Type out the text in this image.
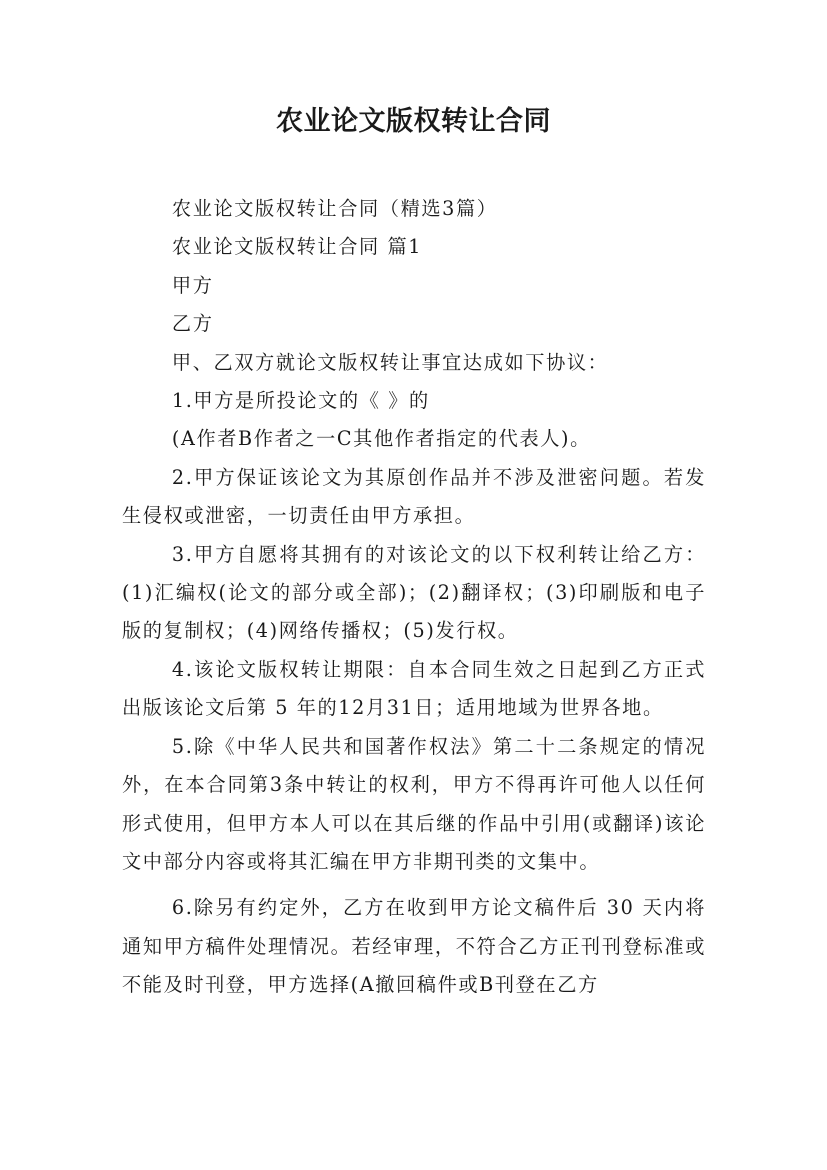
农业论文版权转让合同

农业论文版权转让合同（精选3篇）

农业论文版权转让合同 篇1

甲方

乙方

甲、乙双方就论文版权转让事宜达成如下协议：

1.甲方是所投论文的《 》的

(A作者B作者之一C其他作者指定的代表人)。

2.甲方保证该论文为其原创作品并不涉及泄密问题。若发生侵权或泄密，一切责任由甲方承担。

3.甲方自愿将其拥有的对该论文的以下权利转让给乙方：(1)汇编权(论文的部分或全部)；(2)翻译权；(3)印刷版和电子版的复制权；(4)网络传播权；(5)发行权。

4.该论文版权转让期限：自本合同生效之日起到乙方正式出版该论文后第 5 年的12月31日；适用地域为世界各地。

5.除《中华人民共和国著作权法》第二十二条规定的情况外，在本合同第3条中转让的权利，甲方不得再许可他人以任何形式使用，但甲方本人可以在其后继的作品中引用(或翻译)该论文中部分内容或将其汇编在甲方非期刊类的文集中。

6.除另有约定外，乙方在收到甲方论文稿件后 30 天内将通知甲方稿件处理情况。若经审理，不符合乙方正刊刊登标准或不能及时刊登，甲方选择(A撤回稿件或B刊登在乙方
